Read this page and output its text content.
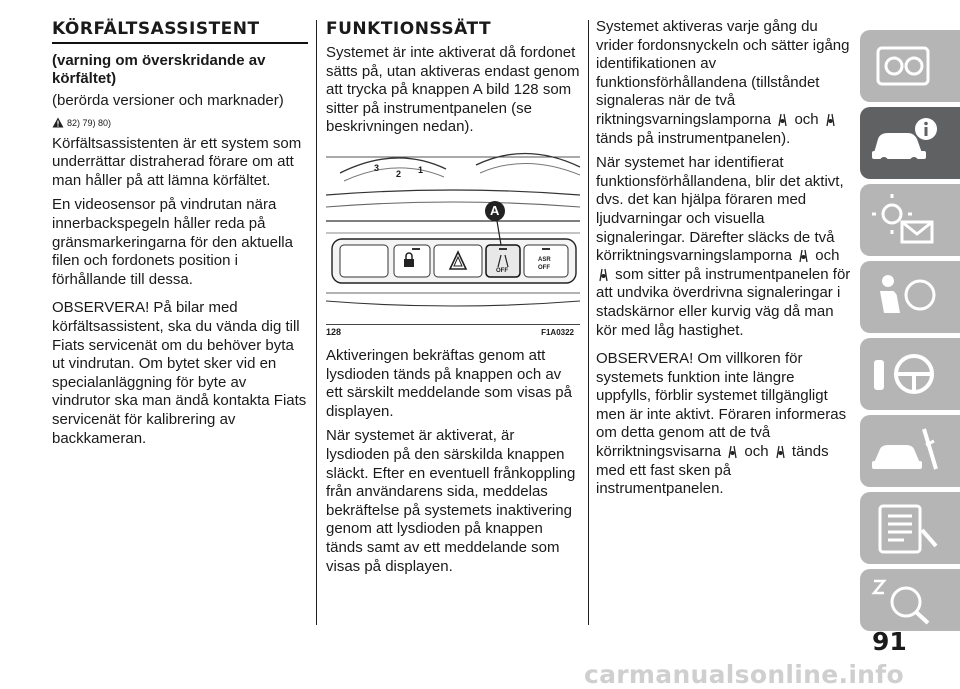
KÖRFÄLTSASSISTENT
(varning om överskridande av körfältet)

(berörda versioner och marknader)

82) 79) 80)

Körfältsassistenten är ett system som underrättar distraherad förare om att man håller på att lämna körfältet.

En videosensor på vindrutan nära innerbackspegeln håller reda på gränsmarkeringarna för den aktuella filen och fordonets position i förhållande till dessa.

OBSERVERA! På bilar med körfältsassistent, ska du vända dig till Fiats servicenät om du behöver byta ut vindrutan. Om bytet sker vid en specialanläggning för byte av vindrutor ska man ändå kontakta Fiats servicenät för kalibrering av backkameran.

FUNKTIONSSÄTT

Systemet är inte aktiverat då fordonet sätts på, utan aktiveras endast genom att trycka på knappen A bild 128 som sitter på instrumentpanelen (se beskrivningen nedan).

3
2 1
A
OFF
ASR
OFF
128	F1A0322

Aktiveringen bekräftas genom att lysdioden tänds på knappen och av ett särskilt meddelande som visas på displayen.

När systemet är aktiverat, är lysdioden på den särskilda knappen släckt. Efter en eventuell frånkoppling från användarens sida, meddelas bekräftelse på systemets inaktivering genom att lysdioden på knappen tänds samt av ett meddelande som visas på displayen.

Systemet aktiveras varje gång du vrider fordonsnyckeln och sätter igång identifikationen av funktionsförhållandena (tillståndet signaleras när de två riktningsvarningslamporna och  tänds på instrumentpanelen).

När systemet har identifierat funktionsförhållandena, blir det aktivt, dvs. det kan hjälpa föraren med ljudvarningar och visuella signaleringar. Därefter släcks de två körriktningsvarningslamporna och  som sitter på instrumentpanelen för att undvika överdrivna signaleringar i stadskärnor eller kurvig väg då man kör med låg hastighet.

OBSERVERA! Om villkoren för systemets funktion inte längre uppfylls, förblir systemet tillgängligt men är inte aktivt. Föraren informeras om detta genom att de två körriktningsvisarna och tänds med ett fast sken på instrumentpanelen.

91
carmanualsonline.info
